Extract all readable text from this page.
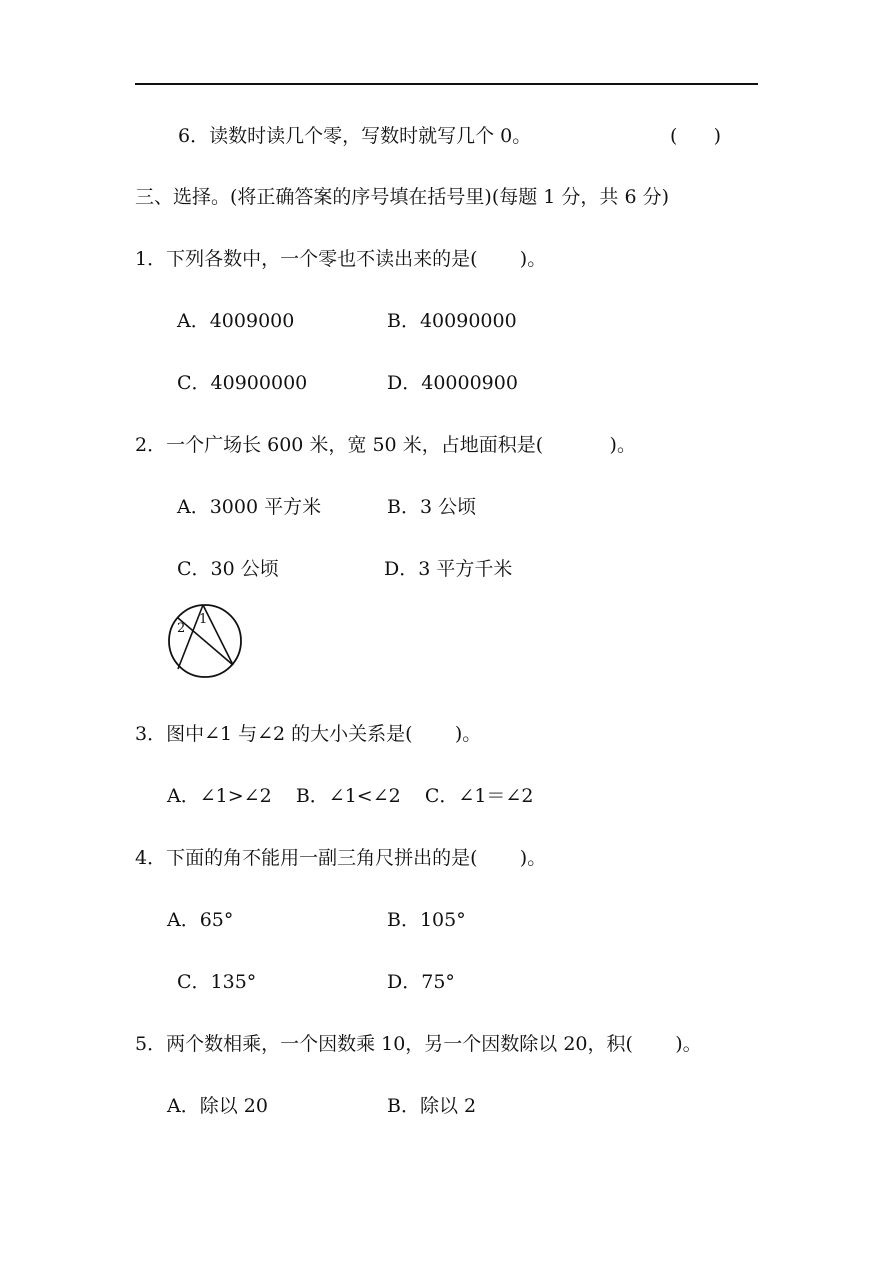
6．读数时读几个零，写数时就写几个 0。	(      )
三、选择。(将正确答案的序号填在括号里)(每题 1 分，共 6 分)
1．下列各数中，一个零也不读出来的是(       )。
A．4009000	B．40090000
C．40900000	D．40000900
2．一个广场长 600 米，宽 50 米，占地面积是(           )。
A．3000 平方米	B．3 公顷
C．30 公顷	D．3 平方千米
1
2
3．图中∠1 与∠2 的大小关系是(       )。
A．∠1>∠2    B．∠1<∠2    C．∠1＝∠2
4．下面的角不能用一副三角尺拼出的是(       )。
A．65°	B．105°
C．135°	D．75°
5．两个数相乘，一个因数乘 10，另一个因数除以 20，积(       )。
A．除以 20	B．除以 2
